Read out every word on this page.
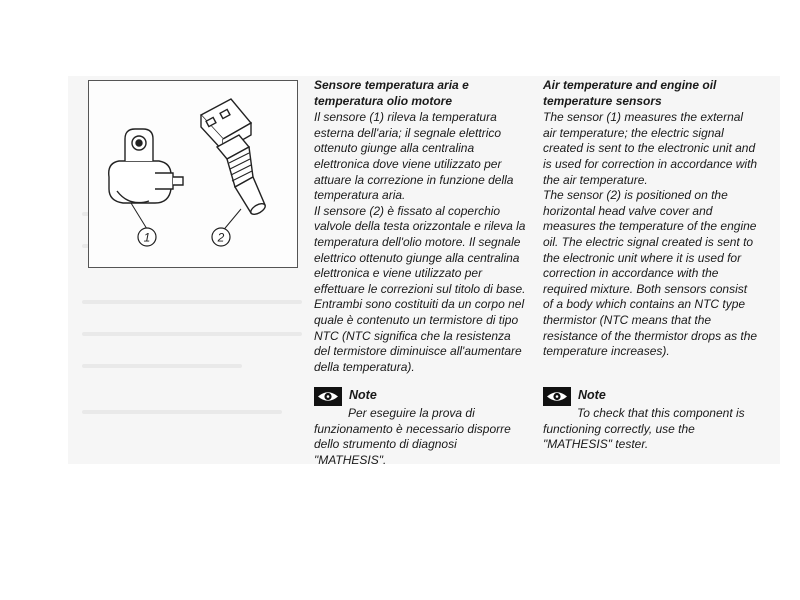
1	2
Sensore temperatura aria e temperatura olio motore

Il sensore (1) rileva la temperatura esterna dell'aria; il segnale elettrico ottenuto giunge alla centralina elettronica dove viene utilizzato per attuare la correzione in funzione della temperatura aria.

Il sensore (2) è fissato al coperchio valvole della testa orizzontale e rileva la temperatura dell'olio motore. Il segnale elettrico ottenuto giunge alla centralina elettronica e viene utilizzato per effettuare le correzioni sul titolo di base.

Entrambi sono costituiti da un corpo nel quale è contenuto un termistore di tipo NTC (NTC significa che la resistenza del termistore diminuisce all'aumentare della temperatura).

Air temperature and engine oil temperature sensors

The sensor (1) measures the external air temperature; the electric signal created is sent to the electronic unit and is used for correction in accordance with the air temperature.

The sensor (2) is positioned on the horizontal head valve cover and measures the temperature of the engine oil. The electric signal created is sent to the electronic unit where it is used for correction in accordance with the required mixture. Both sensors consist of a body which contains an NTC type thermistor (NTC means that the resistance of the thermistor drops as the temperature increases).

Note

Per eseguire la prova di funzionamento è necessario disporre dello strumento di diagnosi "MATHESIS".

Note

To check that this component is functioning correctly, use the "MATHESIS" tester.
